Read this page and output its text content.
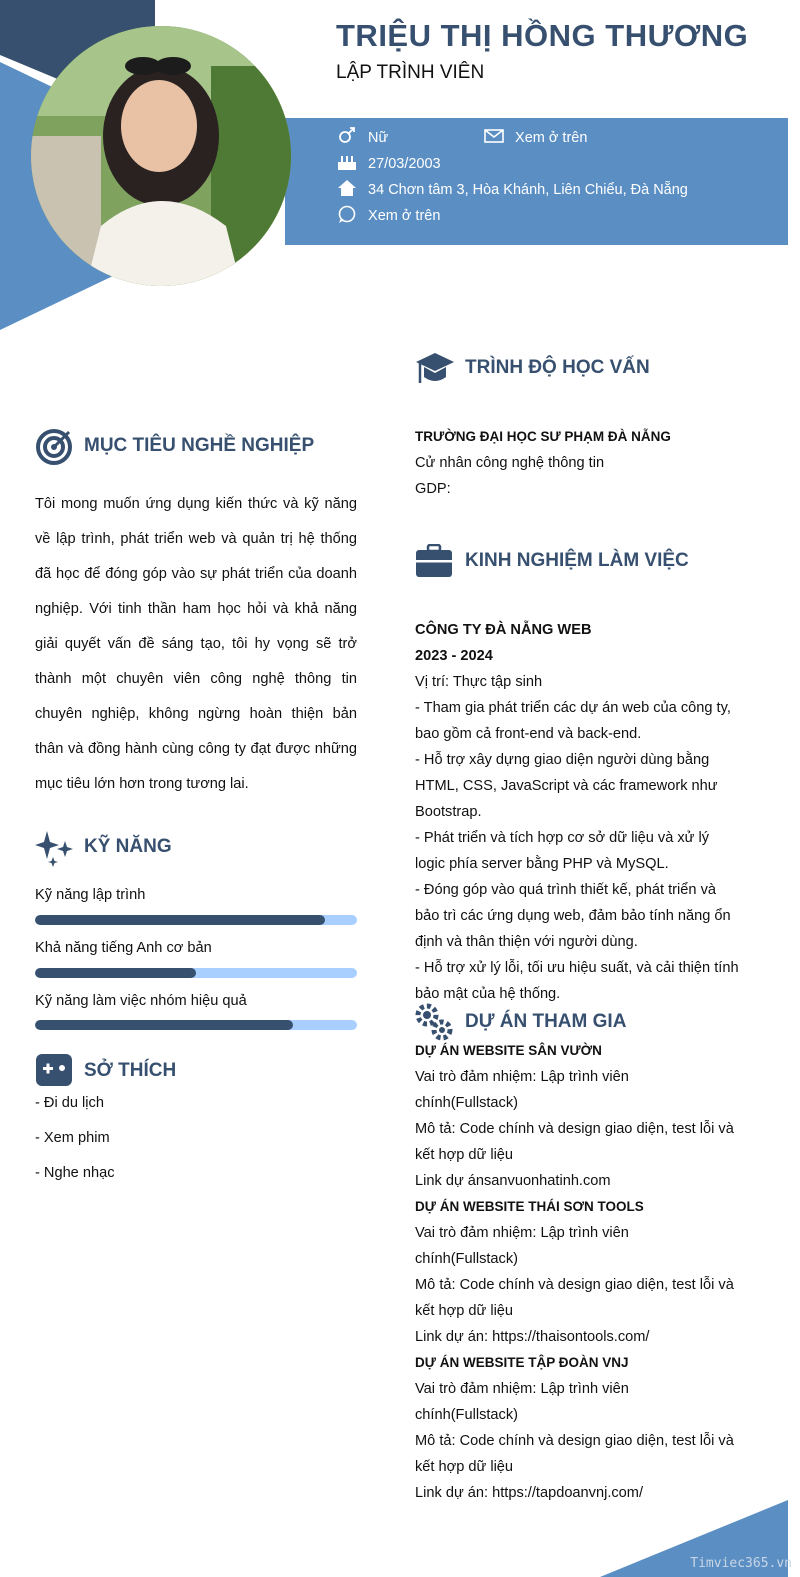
TRIỆU THỊ HỒNG THƯƠNG
LẬP TRÌNH VIÊN
Nữ	Xem ở trên
27/03/2003
34 Chơn tâm 3, Hòa Khánh, Liên Chiểu, Đà Nẵng
Xem ở trên
MỤC TIÊU NGHỀ NGHIỆP
Tôi mong muốn ứng dụng kiến thức và kỹ năng về lập trình, phát triển web và quản trị hệ thống đã học để đóng góp vào sự phát triển của doanh nghiệp. Với tinh thần ham học hỏi và khả năng giải quyết vấn đề sáng tạo, tôi hy vọng sẽ trở thành một chuyên viên công nghệ thông tin chuyên nghiệp, không ngừng hoàn thiện bản thân và đồng hành cùng công ty đạt được những mục tiêu lớn hơn trong tương lai.
KỸ NĂNG
Kỹ năng lập trình
Khả năng tiếng Anh cơ bản
Kỹ năng làm việc nhóm hiệu quả
SỞ THÍCH
- Đi du lịch
- Xem phim
- Nghe nhạc
TRÌNH ĐỘ HỌC VẤN
TRƯỜNG ĐẠI HỌC SƯ PHẠM ĐÀ NẴNG
Cử nhân công nghệ thông tin
GDP:
KINH NGHIỆM LÀM VIỆC
CÔNG TY ĐÀ NẴNG WEB
2023 - 2024
Vị trí: Thực tập sinh
- Tham gia phát triển các dự án web của công ty,
bao gồm cả front-end và back-end.
- Hỗ trợ xây dựng giao diện người dùng bằng
HTML, CSS, JavaScript và các framework như
Bootstrap.
- Phát triển và tích hợp cơ sở dữ liệu và xử lý
logic phía server bằng PHP và MySQL.
- Đóng góp vào quá trình thiết kế, phát triển và
bảo trì các ứng dụng web, đảm bảo tính năng ổn
định và thân thiện với người dùng.
- Hỗ trợ xử lý lỗi, tối ưu hiệu suất, và cải thiện tính
bảo mật của hệ thống.
DỰ ÁN THAM GIA
DỰ ÁN WEBSITE SÂN VƯỜN
Vai trò đảm nhiệm: Lập trình viên
chính(Fullstack)
Mô tả: Code chính và design giao diện, test lỗi và
kết hợp dữ liệu
Link dự ánsanvuonhatinh.com
DỰ ÁN WEBSITE THÁI SƠN TOOLS
Vai trò đảm nhiệm: Lập trình viên
chính(Fullstack)
Mô tả: Code chính và design giao diện, test lỗi và
kết hợp dữ liệu
Link dự án: https://thaisontools.com/
DỰ ÁN WEBSITE TẬP ĐOÀN VNJ
Vai trò đảm nhiệm: Lập trình viên
chính(Fullstack)
Mô tả: Code chính và design giao diện, test lỗi và
kết hợp dữ liệu
Link dự án: https://tapdoanvnj.com/
Timviec365.vn
